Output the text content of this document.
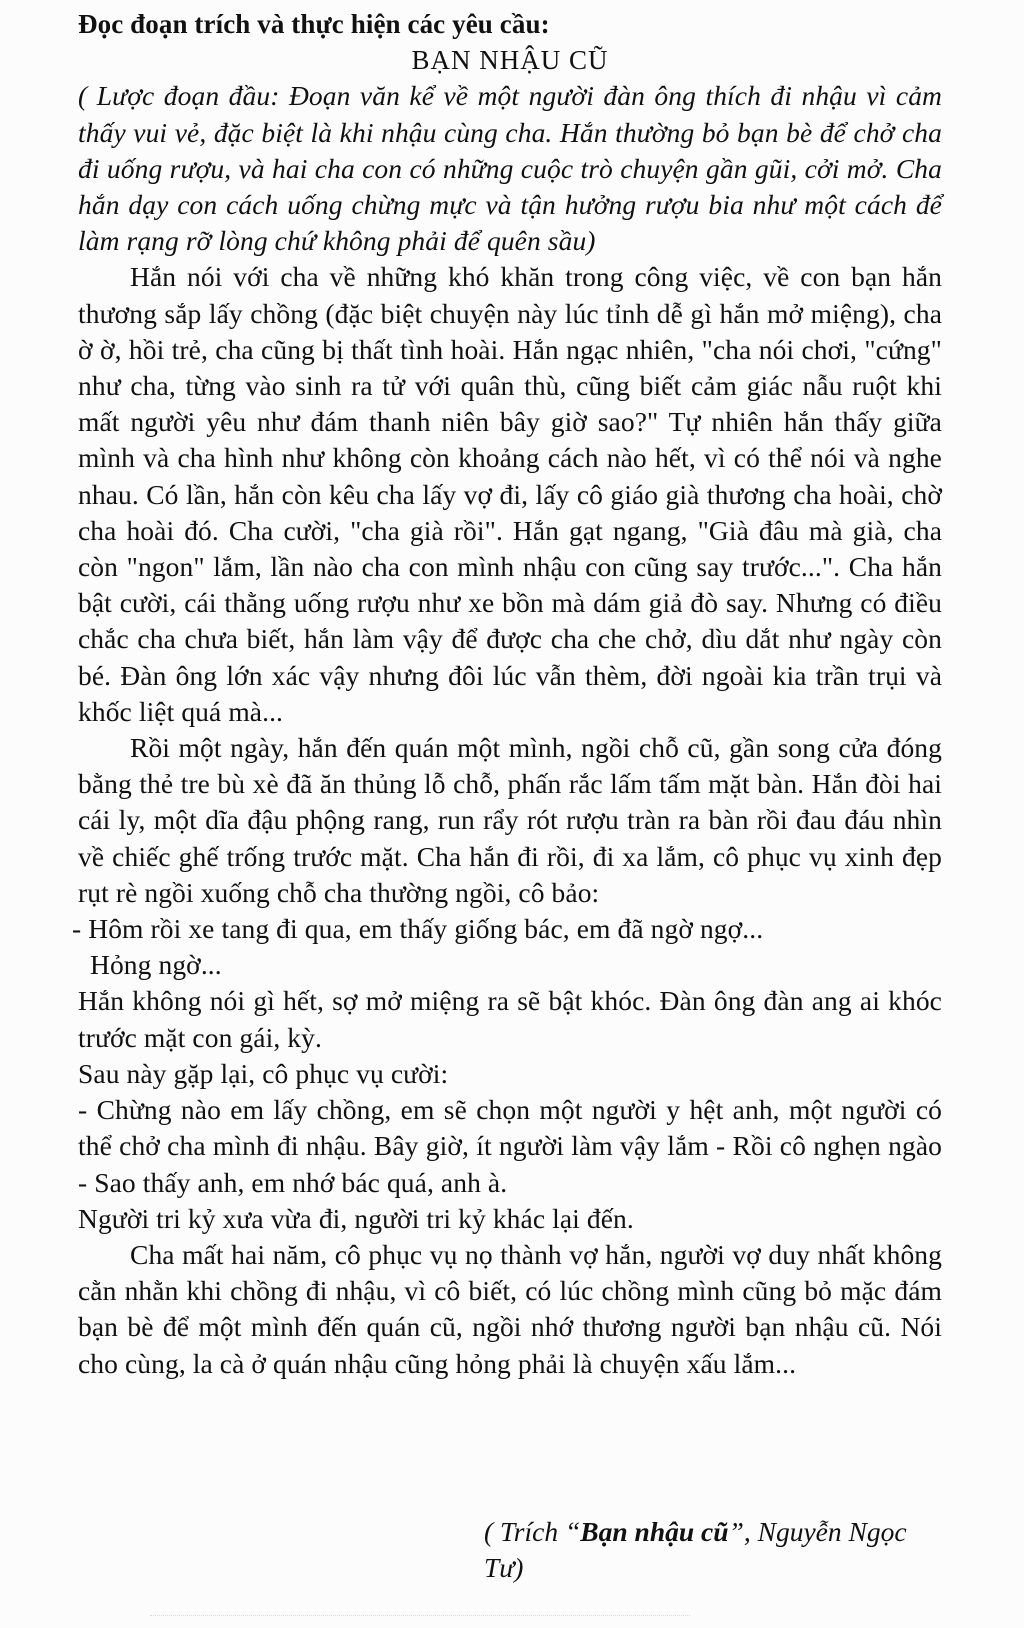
Đọc đoạn trích và thực hiện các yêu cầu:

BẠN NHẬU CŨ

( Lược đoạn đầu: Đoạn văn kể về một người đàn ông thích đi nhậu vì cảm thấy vui vẻ, đặc biệt là khi nhậu cùng cha. Hắn thường bỏ bạn bè để chở cha đi uống rượu, và hai cha con có những cuộc trò chuyện gần gũi, cởi mở. Cha hắn dạy con cách uống chừng mực và tận hưởng rượu bia như một cách để làm rạng rỡ lòng chứ không phải để quên sầu)

Hắn nói với cha về những khó khăn trong công việc, về con bạn hắn thương sắp lấy chồng (đặc biệt chuyện này lúc tỉnh dễ gì hắn mở miệng), cha ờ ờ, hồi trẻ, cha cũng bị thất tình hoài. Hắn ngạc nhiên, "cha nói chơi, "cứng" như cha, từng vào sinh ra tử với quân thù, cũng biết cảm giác nẫu ruột khi mất người yêu như đám thanh niên bây giờ sao?" Tự nhiên hắn thấy giữa mình và cha hình như không còn khoảng cách nào hết, vì có thể nói và nghe nhau. Có lần, hắn còn kêu cha lấy vợ đi, lấy cô giáo già thương cha hoài, chờ cha hoài đó. Cha cười, "cha già rồi". Hắn gạt ngang, "Già đâu mà già, cha còn "ngon" lắm, lần nào cha con mình nhậu con cũng say trước...". Cha hắn bật cười, cái thằng uống rượu như xe bồn mà dám giả đò say. Nhưng có điều chắc cha chưa biết, hắn làm vậy để được cha che chở, dìu dắt như ngày còn bé. Đàn ông lớn xác vậy nhưng đôi lúc vẫn thèm, đời ngoài kia trần trụi và khốc liệt quá mà...

Rồi một ngày, hắn đến quán một mình, ngồi chỗ cũ, gần song cửa đóng bằng thẻ tre bù xè đã ăn thủng lỗ chỗ, phấn rắc lấm tấm mặt bàn. Hắn đòi hai cái ly, một dĩa đậu phộng rang, run rẩy rót rượu tràn ra bàn rồi đau đáu nhìn về chiếc ghế trống trước mặt. Cha hắn đi rồi, đi xa lắm, cô phục vụ xinh đẹp rụt rè ngồi xuống chỗ cha thường ngồi, cô bảo:

- Hôm rồi xe tang đi qua, em thấy giống bác, em đã ngờ ngợ...

Hỏng ngờ...

Hắn không nói gì hết, sợ mở miệng ra sẽ bật khóc. Đàn ông đàn ang ai khóc trước mặt con gái, kỳ.

Sau này gặp lại, cô phục vụ cười:

- Chừng nào em lấy chồng, em sẽ chọn một người y hệt anh, một người có thể chở cha mình đi nhậu. Bây giờ, ít người làm vậy lắm - Rồi cô nghẹn ngào - Sao thấy anh, em nhớ bác quá, anh à.

Người tri kỷ xưa vừa đi, người tri kỷ khác lại đến.

Cha mất hai năm, cô phục vụ nọ thành vợ hắn, người vợ duy nhất không cằn nhằn khi chồng đi nhậu, vì cô biết, có lúc chồng mình cũng bỏ mặc đám bạn bè để một mình đến quán cũ, ngồi nhớ thương người bạn nhậu cũ. Nói cho cùng, la cà ở quán nhậu cũng hỏng phải là chuyện xấu lắm...

( Trích “Bạn nhậu cũ”, Nguyễn Ngọc Tư)
